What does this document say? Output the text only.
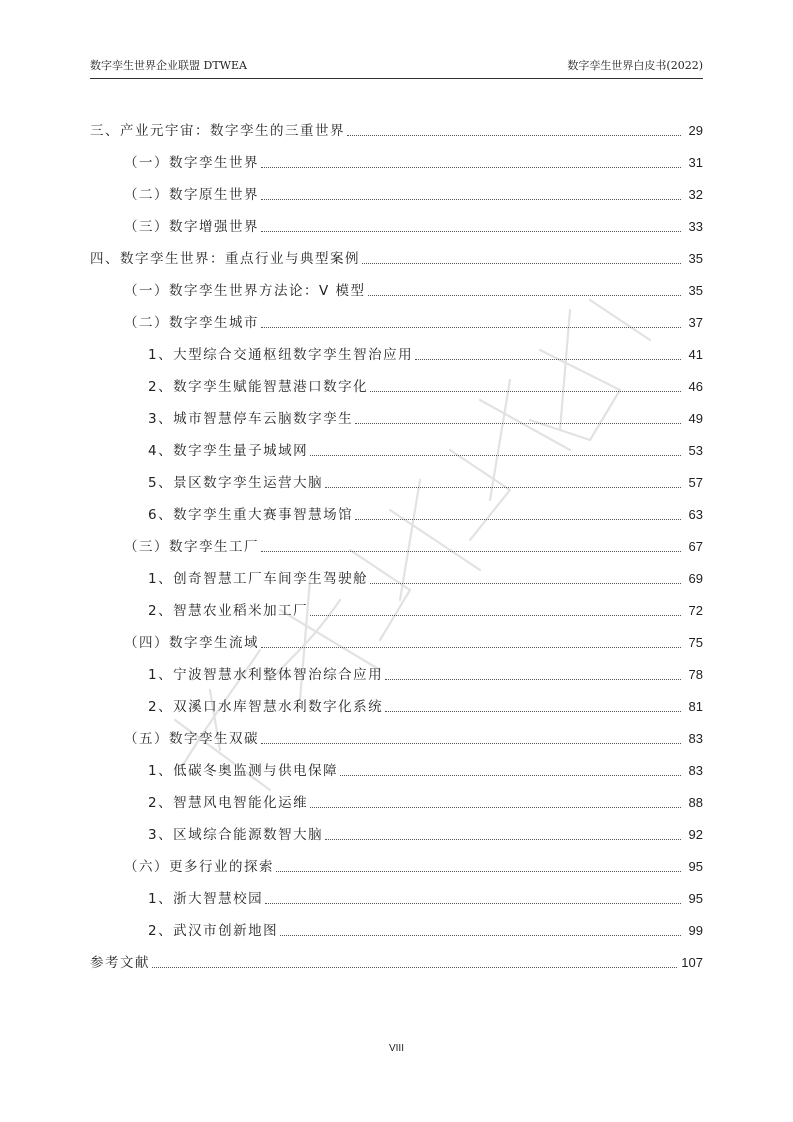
数字孪生世界企业联盟 DTWEA	数字孪生世界白皮书(2022)
三、产业元宇宙：数字孪生的三重世界	29
（一）数字孪生世界	31
（二）数字原生世界	32
（三）数字增强世界	33
四、数字孪生世界：重点行业与典型案例	35
（一）数字孪生世界方法论：V 模型	35
（二）数字孪生城市	37
1、大型综合交通枢纽数字孪生智治应用	41
2、数字孪生赋能智慧港口数字化	46
3、城市智慧停车云脑数字孪生	49
4、数字孪生量子城域网	53
5、景区数字孪生运营大脑	57
6、数字孪生重大赛事智慧场馆	63
（三）数字孪生工厂	67
1、创奇智慧工厂车间孪生驾驶舱	69
2、智慧农业稻米加工厂	72
（四）数字孪生流域	75
1、宁波智慧水利整体智治综合应用	78
2、双溪口水库智慧水利数字化系统	81
（五）数字孪生双碳	83
1、低碳冬奥监测与供电保障	83
2、智慧风电智能化运维	88
3、区域综合能源数智大脑	92
（六）更多行业的探索	95
1、浙大智慧校园	95
2、武汉市创新地图	99
参考文献	107
VIII
